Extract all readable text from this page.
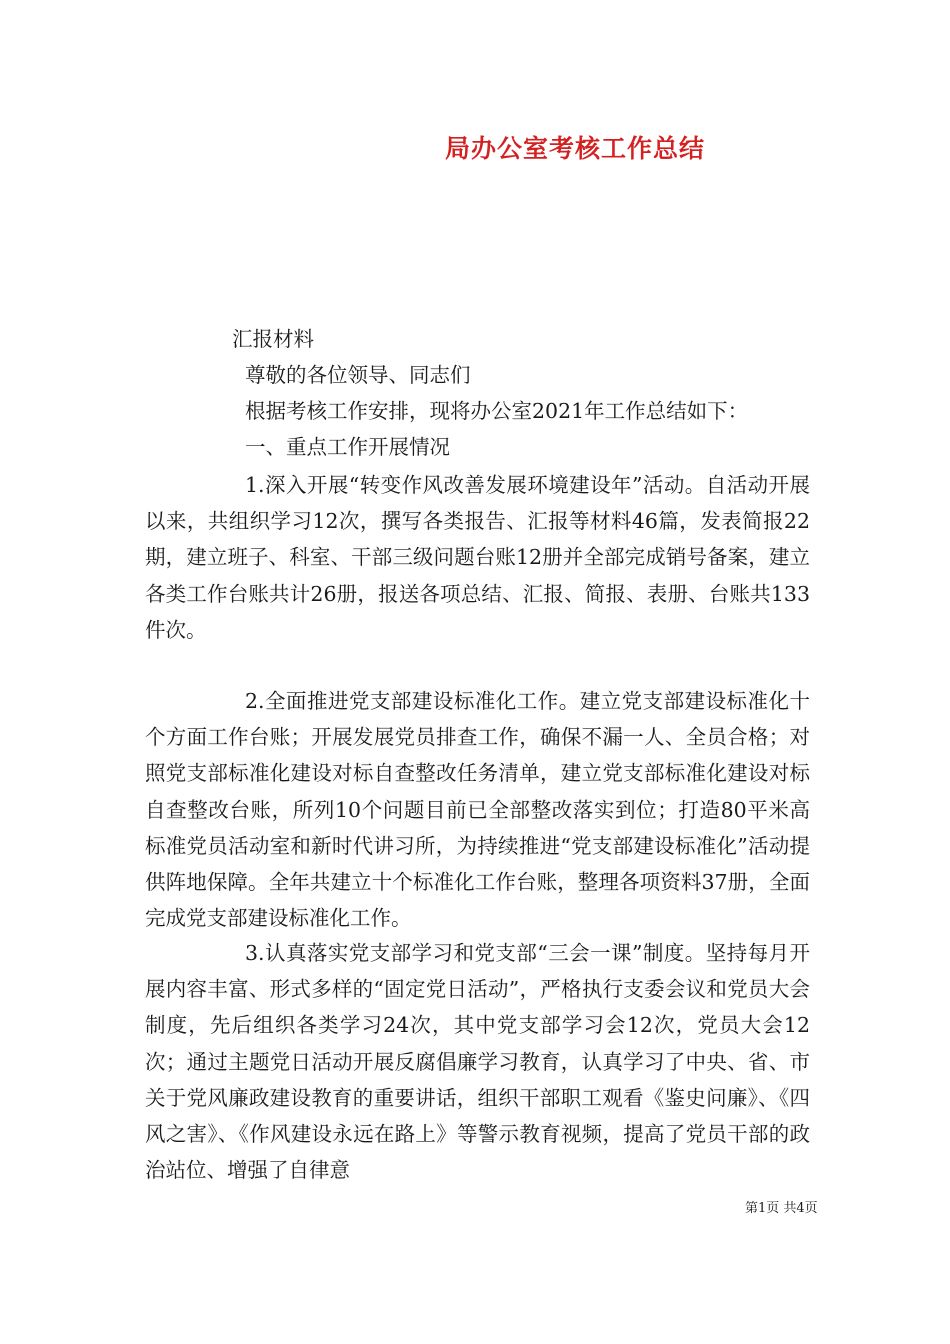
局办公室考核工作总结
汇报材料
尊敬的各位领导、同志们
根据考核工作安排，现将办公室2021年工作总结如下：
一、重点工作开展情况
1.深入开展“转变作风改善发展环境建设年”活动。自活动开展以来，共组织学习12次，撰写各类报告、汇报等材料46篇，发表简报22期，建立班子、科室、干部三级问题台账12册并全部完成销号备案，建立各类工作台账共计26册，报送各项总结、汇报、简报、表册、台账共133件次。
2.全面推进党支部建设标准化工作。建立党支部建设标准化十个方面工作台账；开展发展党员排查工作，确保不漏一人、全员合格；对照党支部标准化建设对标自查整改任务清单，建立党支部标准化建设对标自查整改台账，所列10个问题目前已全部整改落实到位；打造80平米高标准党员活动室和新时代讲习所，为持续推进“党支部建设标准化”活动提供阵地保障。全年共建立十个标准化工作台账，整理各项资料37册，全面完成党支部建设标准化工作。
3.认真落实党支部学习和党支部“三会一课”制度。坚持每月开展内容丰富、形式多样的“固定党日活动”，严格执行支委会议和党员大会制度，先后组织各类学习24次，其中党支部学习会12次，党员大会12次；通过主题党日活动开展反腐倡廉学习教育，认真学习了中央、省、市关于党风廉政建设教育的重要讲话，组织干部职工观看《鉴史问廉》、《四风之害》、《作风建设永远在路上》等警示教育视频，提高了党员干部的政治站位、增强了自律意
第1页 共4页
